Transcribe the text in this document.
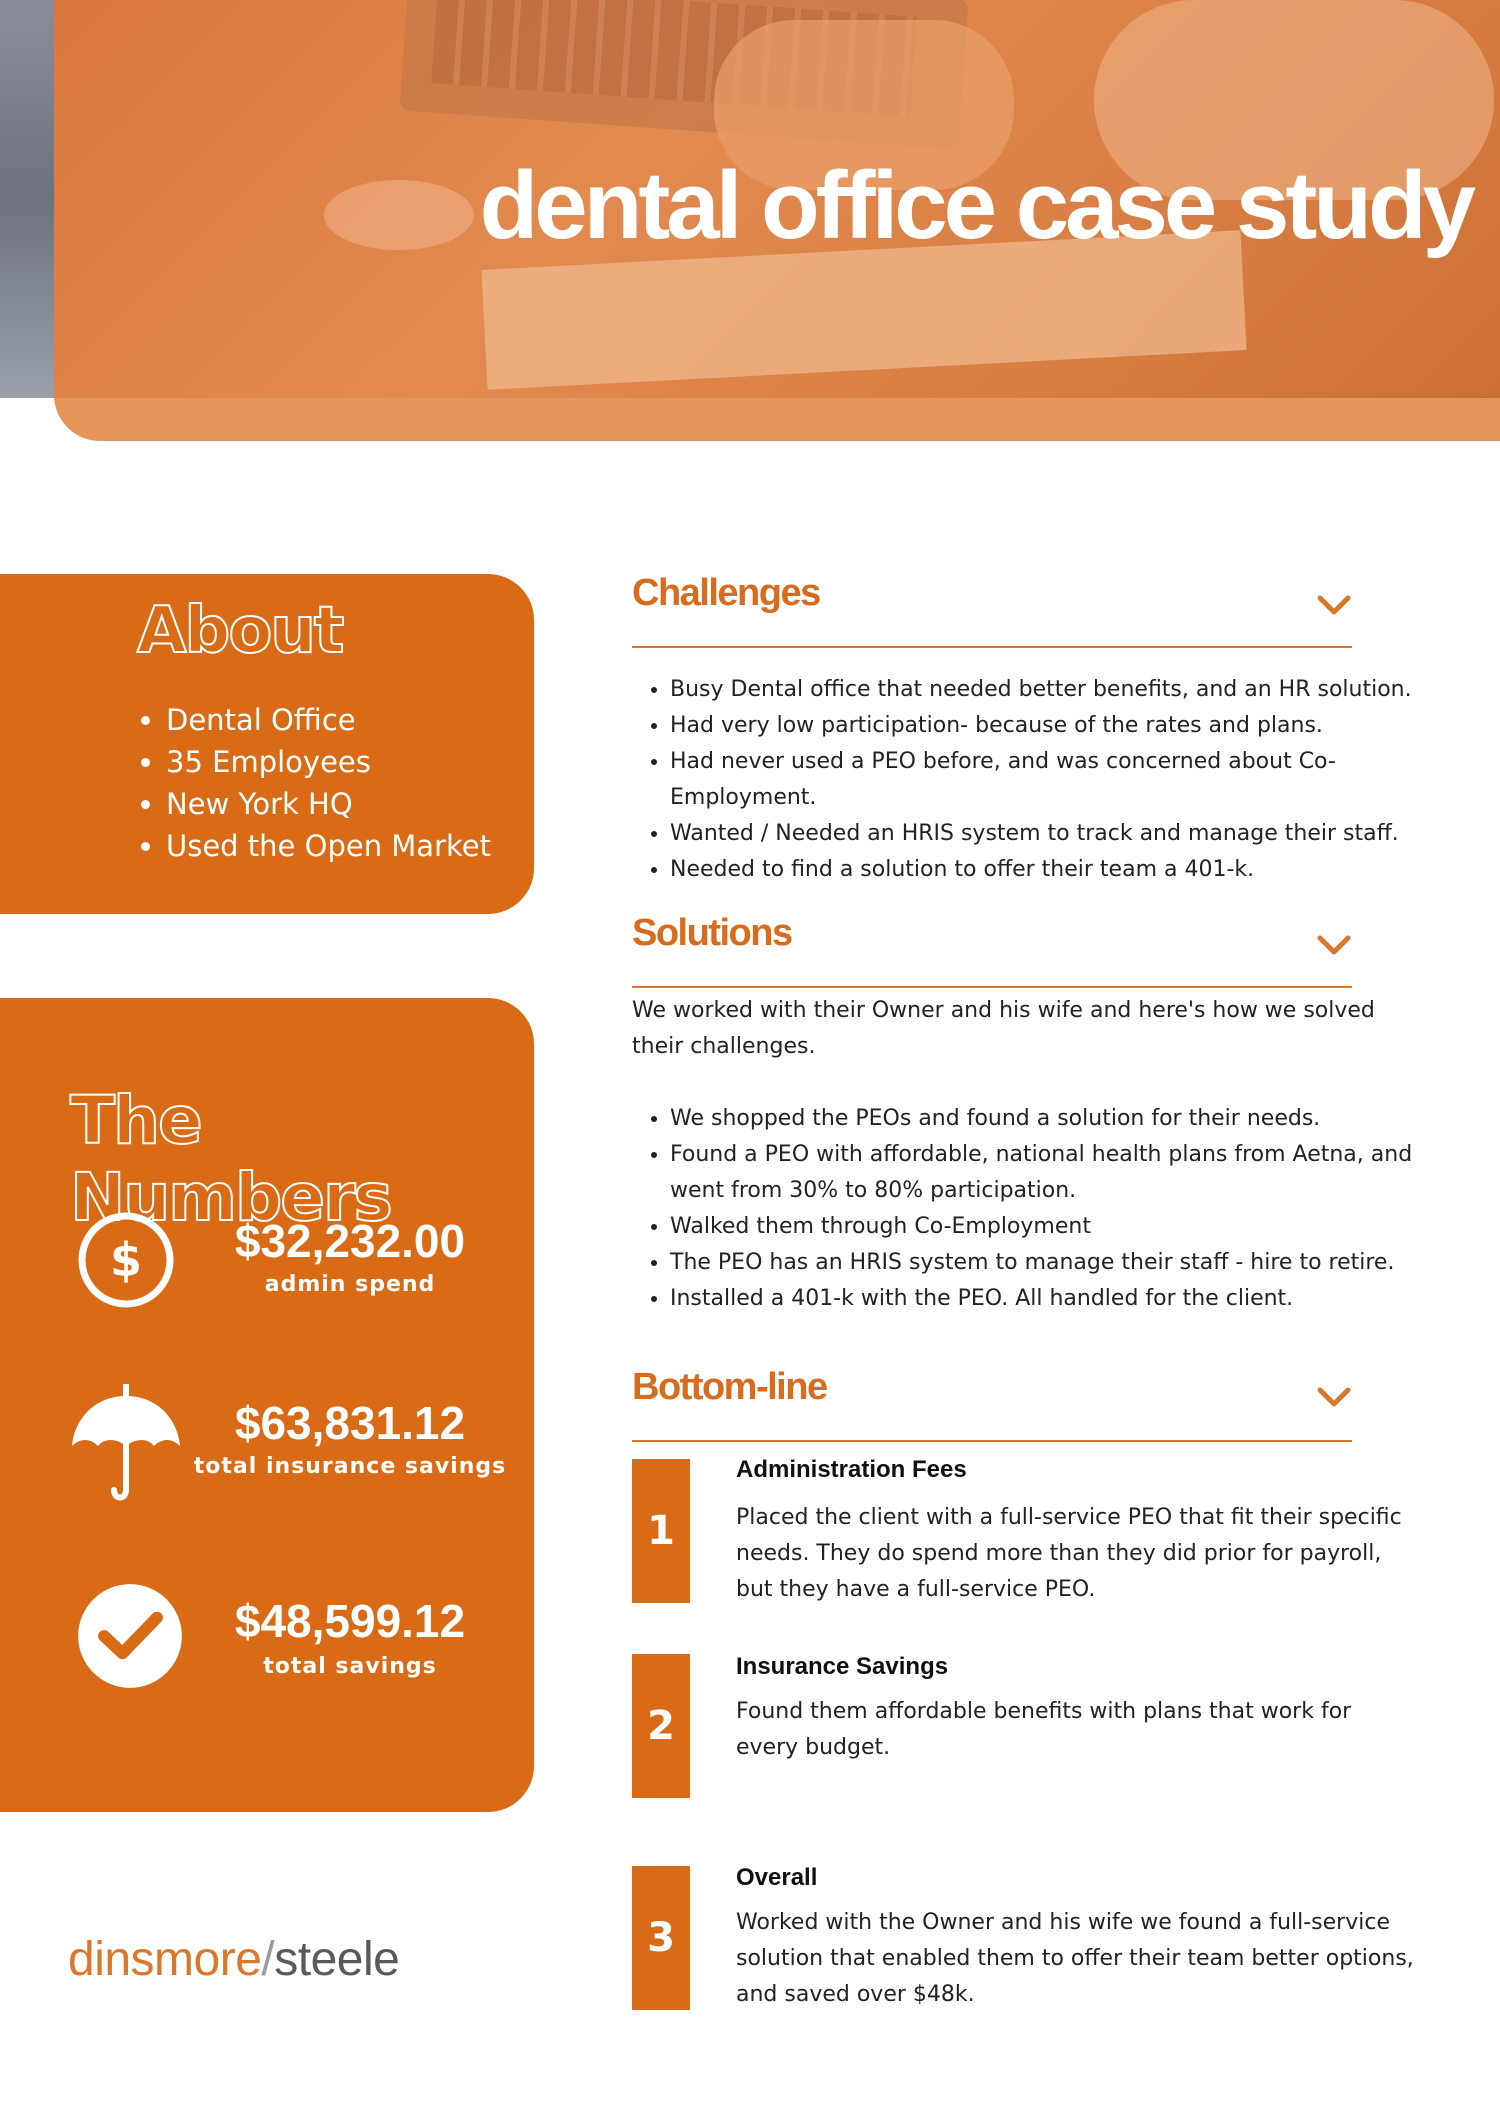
dental office case study
About
• Dental Office
• 35 Employees
• New York HQ
• Used the Open Market
The Numbers
$	$32,232.00

admin spend

$63,831.12

total insurance savings

$48,599.12

total savings

Challenges
• Busy Dental office that needed better benefits, and an HR solution.
• Had very low participation- because of the rates and plans.
• Had never used a PEO before, and was concerned about Co-Employment.
• Wanted / Needed an HRIS system to track and manage their staff.
• Needed to find a solution to offer their team a 401-k.
Solutions

We worked with their Owner and his wife and here's how we solved their challenges.

• We shopped the PEOs and found a solution for their needs.
• Found a PEO with affordable, national health plans from Aetna, and went from 30% to 80% participation.
• Walked them through Co-Employment
• The PEO has an HRIS system to manage their staff - hire to retire.
• Installed a 401-k with the PEO. All handled for the client.
Bottom-line
1

Administration Fees

Placed the client with a full-service PEO that fit their specific needs. They do spend more than they did prior for payroll, but they have a full-service PEO.

2

Insurance Savings

Found them affordable benefits with plans that work for every budget.

3

Overall

Worked with the Owner and his wife we found a full-service solution that enabled them to offer their team better options, and saved over $48k.

dinsmore/steele
